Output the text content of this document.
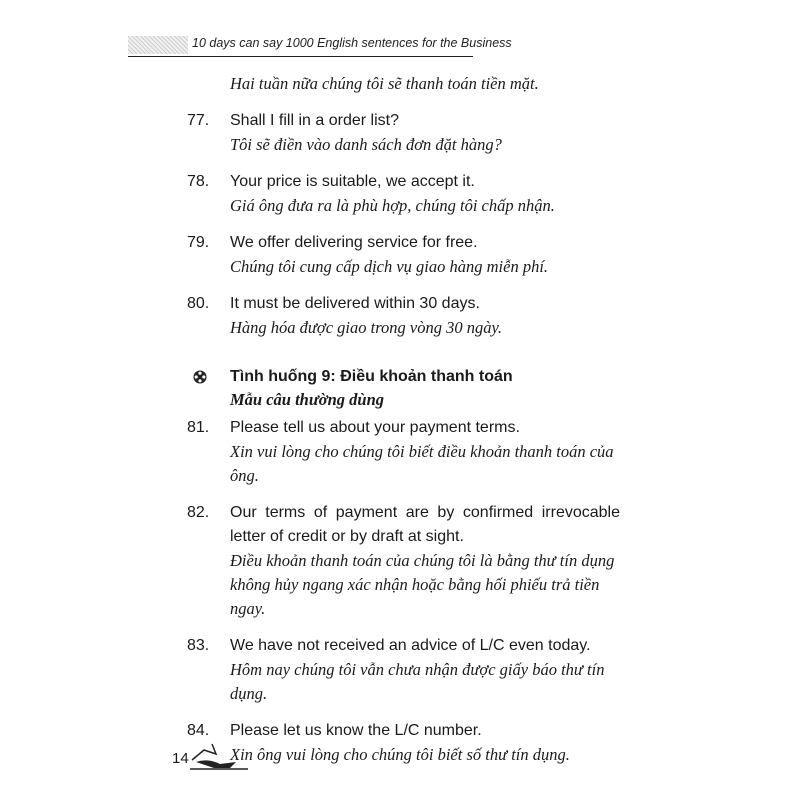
10 days can say 1000 English sentences for the Business
Hai tuần nữa chúng tôi sẽ thanh toán tiền mặt.
77. Shall I fill in a order list?
Tôi sẽ điền vào danh sách đơn đặt hàng?
78. Your price is suitable, we accept it.
Giá ông đưa ra là phù hợp, chúng tôi chấp nhận.
79. We offer delivering service for free.
Chúng tôi cung cấp dịch vụ giao hàng miễn phí.
80. It must be delivered within 30 days.
Hàng hóa được giao trong vòng 30 ngày.
Tình huống 9: Điều khoản thanh toán
Mẫu câu thường dùng
81. Please tell us about your payment terms.
Xin vui lòng cho chúng tôi biết điều khoản thanh toán của ông.
82. Our terms of payment are by confirmed irrevocable letter of credit or by draft at sight.
Điều khoản thanh toán của chúng tôi là bằng thư tín dụng không hủy ngang xác nhận hoặc bằng hối phiếu trả tiền ngay.
83. We have not received an advice of L/C even today.
Hôm nay chúng tôi vẫn chưa nhận được giấy báo thư tín dụng.
84. Please let us know the L/C number.
Xin ông vui lòng cho chúng tôi biết số thư tín dụng.
14
